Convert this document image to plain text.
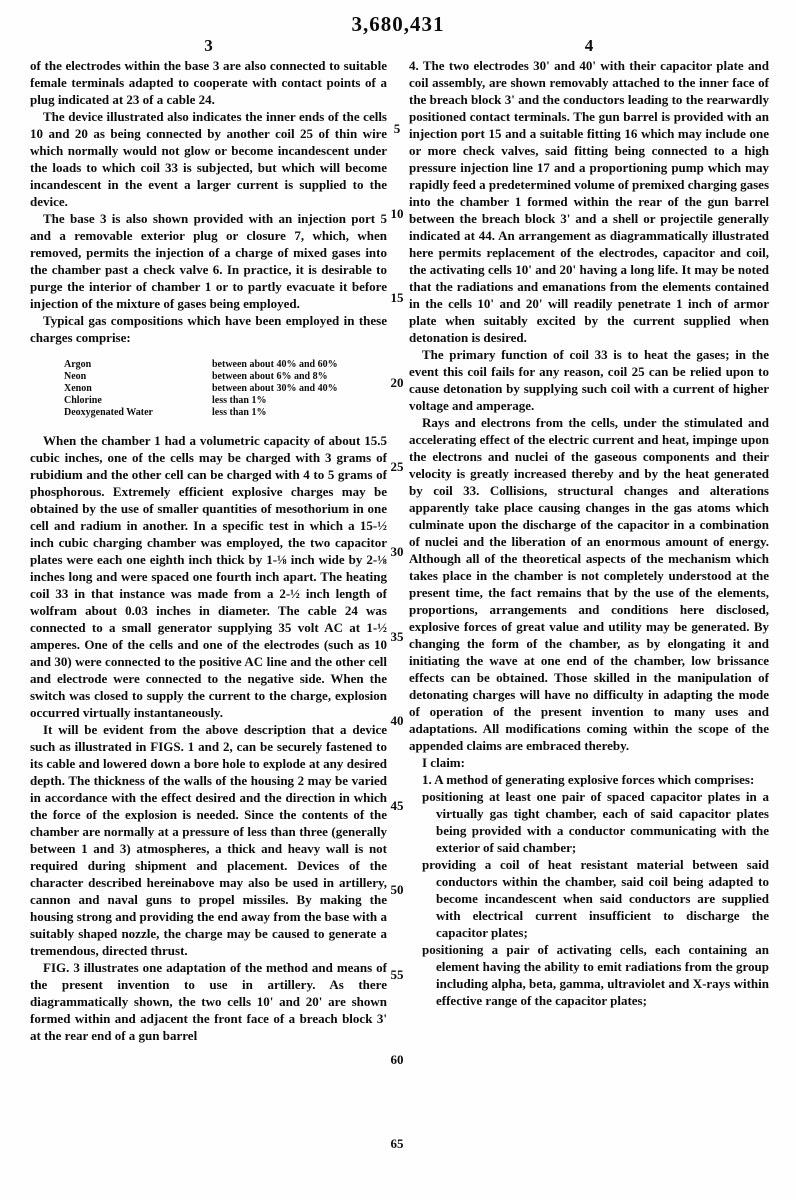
3,680,431
3	4
5
10
15
20
25
30
35
40
45
50
55
60
65

of the electrodes within the base 3 are also connected to suitable female terminals adapted to cooperate with contact points of a plug indicated at 23 of a cable 24.

The device illustrated also indicates the inner ends of the cells 10 and 20 as being connected by another coil 25 of thin wire which normally would not glow or become incandescent under the loads to which coil 33 is subjected, but which will become incandescent in the event a larger current is supplied to the device.

The base 3 is also shown provided with an injection port 5 and a removable exterior plug or closure 7, which, when removed, permits the injection of a charge of mixed gases into the chamber past a check valve 6. In practice, it is desirable to purge the interior of chamber 1 or to partly evacuate it before injection of the mixture of gases being employed.

Typical gas compositions which have been employed in these charges comprise:

Argon	between about 40% and 60%
Neon	between about 6% and 8%
Xenon	between about 30% and 40%
Chlorine	less than 1%
Deoxygenated Water	less than 1%

When the chamber 1 had a volumetric capacity of about 15.5 cubic inches, one of the cells may be charged with 3 grams of rubidium and the other cell can be charged with 4 to 5 grams of phosphorous. Extremely efficient explosive charges may be obtained by the use of smaller quantities of mesothorium in one cell and radium in another. In a specific test in which a 15-½ inch cubic charging chamber was employed, the two capacitor plates were each one eighth inch thick by 1-⅛ inch wide by 2-⅛ inches long and were spaced one fourth inch apart. The heating coil 33 in that instance was made from a 2-½ inch length of wolfram about 0.03 inches in diameter. The cable 24 was connected to a small generator supplying 35 volt AC at 1-½ amperes. One of the cells and one of the electrodes (such as 10 and 30) were connected to the positive AC line and the other cell and electrode were connected to the negative side. When the switch was closed to supply the current to the charge, explosion occurred virtually instantaneously.

It will be evident from the above description that a device such as illustrated in FIGS. 1 and 2, can be securely fastened to its cable and lowered down a bore hole to explode at any desired depth. The thickness of the walls of the housing 2 may be varied in accordance with the effect desired and the direction in which the force of the explosion is needed. Since the contents of the chamber are normally at a pressure of less than three (generally between 1 and 3) atmospheres, a thick and heavy wall is not required during shipment and placement. Devices of the character described hereinabove may also be used in artillery, cannon and naval guns to propel missiles. By making the housing strong and providing the end away from the base with a suitably shaped nozzle, the charge may be caused to generate a tremendous, directed thrust.

FIG. 3 illustrates one adaptation of the method and means of the present invention to use in artillery. As there diagrammatically shown, the two cells 10' and 20' are shown formed within and adjacent the front face of a breach block 3' at the rear end of a gun barrel

4. The two electrodes 30' and 40' with their capacitor plate and coil assembly, are shown removably attached to the inner face of the breach block 3' and the conductors leading to the rearwardly positioned contact terminals. The gun barrel is provided with an injection port 15 and a suitable fitting 16 which may include one or more check valves, said fitting being connected to a high pressure injection line 17 and a proportioning pump which may rapidly feed a predetermined volume of premixed charging gases into the chamber 1 formed within the rear of the gun barrel between the breach block 3' and a shell or projectile generally indicated at 44. An arrangement as diagrammatically illustrated here permits replacement of the electrodes, capacitor and coil, the activating cells 10' and 20' having a long life. It may be noted that the radiations and emanations from the elements contained in the cells 10' and 20' will readily penetrate 1 inch of armor plate when suitably excited by the current supplied when detonation is desired.

The primary function of coil 33 is to heat the gases; in the event this coil fails for any reason, coil 25 can be relied upon to cause detonation by supplying such coil with a current of higher voltage and amperage.

Rays and electrons from the cells, under the stimulated and accelerating effect of the electric current and heat, impinge upon the electrons and nuclei of the gaseous components and their velocity is greatly increased thereby and by the heat generated by coil 33. Collisions, structural changes and alterations apparently take place causing changes in the gas atoms which culminate upon the discharge of the capacitor in a combination of nuclei and the liberation of an enormous amount of energy. Although all of the theoretical aspects of the mechanism which takes place in the chamber is not completely understood at the present time, the fact remains that by the use of the elements, proportions, arrangements and conditions here disclosed, explosive forces of great value and utility may be generated. By changing the form of the chamber, as by elongating it and initiating the wave at one end of the chamber, low brissance effects can be obtained. Those skilled in the manipulation of detonating charges will have no difficulty in adapting the mode of operation of the present invention to many uses and adaptations. All modifications coming within the scope of the appended claims are embraced thereby.

I claim:

1. A method of generating explosive forces which comprises:

positioning at least one pair of spaced capacitor plates in a virtually gas tight chamber, each of said capacitor plates being provided with a conductor communicating with the exterior of said chamber;

providing a coil of heat resistant material between said conductors within the chamber, said coil being adapted to become incandescent when said conductors are supplied with electrical current insufficient to discharge the capacitor plates;

positioning a pair of activating cells, each containing an element having the ability to emit radiations from the group including alpha, beta, gamma, ultraviolet and X-rays within effective range of the capacitor plates;
